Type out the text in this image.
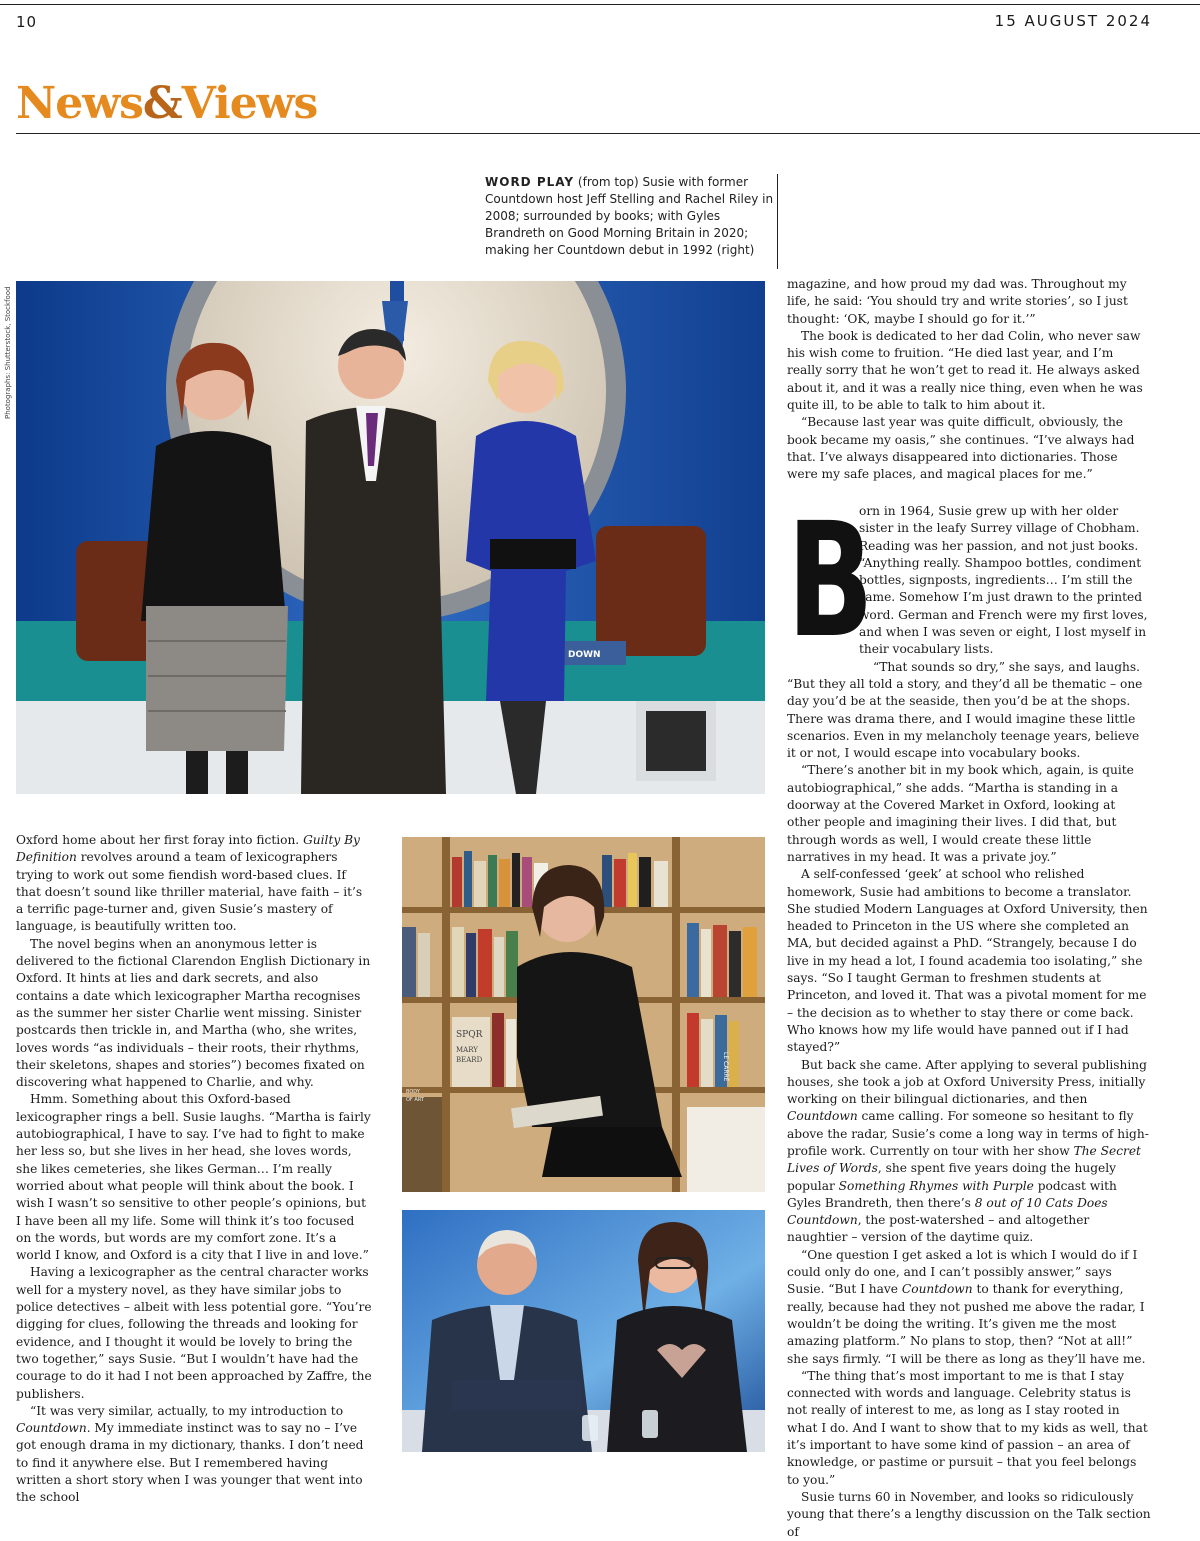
10	15 AUGUST 2024
News&Views
WORD PLAY (from top) Susie with former Countdown host Jeff Stelling and Rachel Riley in 2008; surrounded by books; with Gyles Brandreth on Good Morning Britain in 2020; making her Countdown debut in 1992 (right)
Photographs: Shutterstock, Stockfood
DOWN
SPQR
MARY
BEARD
BODY
OF ART
LE CARRÉ

Oxford home about her first foray into fiction. Guilty By Definition revolves around a team of lexicographers trying to work out some fiendish word-based clues. If that doesn’t sound like thriller material, have faith – it’s a terrific page-turner and, given Susie’s mastery of language, is beautifully written too.

The novel begins when an anonymous letter is delivered to the fictional Clarendon English Dictionary in Oxford. It hints at lies and dark secrets, and also contains a date which lexicographer Martha recognises as the summer her sister Charlie went missing. Sinister postcards then trickle in, and Martha (who, she writes, loves words “as individuals – their roots, their rhythms, their skeletons, shapes and stories”) becomes fixated on discovering what happened to Charlie, and why.

Hmm. Something about this Oxford-based lexicographer rings a bell. Susie laughs. “Martha is fairly autobiographical, I have to say. I’ve had to fight to make her less so, but she lives in her head, she loves words, she likes cemeteries, she likes German… I’m really worried about what people will think about the book. I wish I wasn’t so sensitive to other people’s opinions, but I have been all my life. Some will think it’s too focused on the words, but words are my comfort zone. It’s a world I know, and Oxford is a city that I live in and love.”

Having a lexicographer as the central character works well for a mystery novel, as they have similar jobs to police detectives – albeit with less potential gore. “You’re digging for clues, following the threads and looking for evidence, and I thought it would be lovely to bring the two together,” says Susie. “But I wouldn’t have had the courage to do it had I not been approached by Zaffre, the publishers.

“It was very similar, actually, to my introduction to Countdown. My immediate instinct was to say no – I’ve got enough drama in my dictionary, thanks. I don’t need to find it anywhere else. But I remembered having written a short story when I was younger that went into the school

magazine, and how proud my dad was. Throughout my life, he said: ‘You should try and write stories’, so I just thought: ‘OK, maybe I should go for it.’”

The book is dedicated to her dad Colin, who never saw his wish come to fruition. “He died last year, and I’m really sorry that he won’t get to read it. He always asked about it, and it was a really nice thing, even when he was quite ill, to be able to talk to him about it.

“Because last year was quite difficult, obviously, the book became my oasis,” she continues. “I’ve always had that. I’ve always disappeared into dictionaries. Those were my safe places, and magical places for me.”

B

orn in 1964, Susie grew up with her older sister in the leafy Surrey village of Chobham. Reading was her passion, and not just books. “Anything really. Shampoo bottles, condiment bottles, signposts, ingredients… I’m still the same. Somehow I’m just drawn to the printed word. German and French were my first loves, and when I was seven or eight, I lost myself in their vocabulary lists.

“That sounds so dry,” she says, and laughs. “But they all told a story, and they’d all be thematic – one day you’d be at the seaside, then you’d be at the shops. There was drama there, and I would imagine these little scenarios. Even in my melancholy teenage years, believe it or not, I would escape into vocabulary books.

“There’s another bit in my book which, again, is quite autobiographical,” she adds. “Martha is standing in a doorway at the Covered Market in Oxford, looking at other people and imagining their lives. I did that, but through words as well, I would create these little narratives in my head. It was a private joy.”

A self-confessed ‘geek’ at school who relished homework, Susie had ambitions to become a translator. She studied Modern Languages at Oxford University, then headed to Princeton in the US where she completed an MA, but decided against a PhD. “Strangely, because I do live in my head a lot, I found academia too isolating,” she says. “So I taught German to freshmen students at Princeton, and loved it. That was a pivotal moment for me – the decision as to whether to stay there or come back. Who knows how my life would have panned out if I had stayed?”

But back she came. After applying to several publishing houses, she took a job at Oxford University Press, initially working on their bilingual dictionaries, and then Countdown came calling. For someone so hesitant to fly above the radar, Susie’s come a long way in terms of high-profile work. Currently on tour with her show The Secret Lives of Words, she spent five years doing the hugely popular Something Rhymes with Purple podcast with Gyles Brandreth, then there’s 8 out of 10 Cats Does Countdown, the post-watershed – and altogether naughtier – version of the daytime quiz.

“One question I get asked a lot is which I would do if I could only do one, and I can’t possibly answer,” says Susie. “But I have Countdown to thank for everything, really, because had they not pushed me above the radar, I wouldn’t be doing the writing. It’s given me the most amazing platform.” No plans to stop, then? “Not at all!” she says firmly. “I will be there as long as they’ll have me.

“The thing that’s most important to me is that I stay connected with words and language. Celebrity status is not really of interest to me, as long as I stay rooted in what I do. And I want to show that to my kids as well, that it’s important to have some kind of passion – an area of knowledge, or pastime or pursuit – that you feel belongs to you.”

Susie turns 60 in November, and looks so ridiculously young that there’s a lengthy discussion on the Talk section of
